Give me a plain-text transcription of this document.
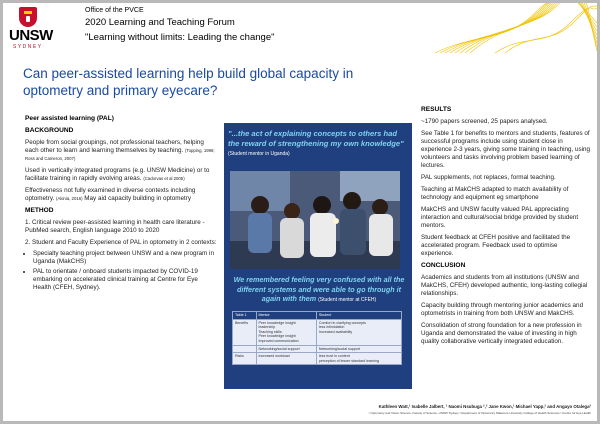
UNSW
SYDNEY
Office of the PVCE
2020 Learning and Teaching Forum
"Learning without limits: Leading the change"
Can peer-assisted learning help build global capacity in optometry and primary eyecare?
Peer assisted learning (PAL)
BACKGROUND
People from social groupings, not professional teachers, helping each other to learn and learning themselves by teaching. (Topping, 1996; Ross and Cameron, 2007)
Used in vertically integrated programs (e.g. UNSW Medicine) or to facilitate training in rapidly evolving areas. (Cadorvas et al 2005)
Effectiveness not fully examined in diverse contexts including optometry. (Akinia, 2016) May aid capacity building in optometry
METHOD
1. Critical review peer-assisted learning in health care literature - PubMed search, English language 2010 to 2020
2. Student and Faculty Experience of PAL in optometry in 2 contexts:
• Specialty teaching project between UNSW and a new program in Uganda (MakCHS)
• PAL to orientate / onboard students impacted by COVID-19 embarking on accelerated clinical training at Centre for Eye Health (CFEH, Sydney).
"...the act of explaining concepts to others had the reward of strengthening my own knowledge" (Student mentor in Uganda)
We remembered feeling very confused with all the different systems and were able to go through it again with them (Student mentor at CFEH)
Table 1	Mentor	Student
Benefits	Peer knowledge insight
leadership
Teaching skills
Peer knowledge insight
Improved communication	Comfort in clarifying concepts
less intimidation
Increased availability
	Networking/social support	Networking/social support
Risks	Increased workload	less trust in content
perception of lesser standard learning
RESULTS
~1790 papers screened, 25 papers analysed.
See Table 1 for benefits to mentors and students, features of successful programs include using student close in experience 2-3 years, giving some training in teaching, using volunteers and tasks involving problem based learning of lectures.
PAL supplements, not replaces, formal teaching.
Teaching at MakCHS adapted to match availability of technology and equipment eg smartphone
MakCHS and UNSW faculty valued PAL appreciating interaction and cultural/social bridge provided by student mentors.
Student feedback at CFEH positive and facilitated the accelerated program. Feedback used to optimise experience.
CONCLUSION
Academics and students from all institutions (UNSW and MakCHS, CFEH) developed authentic, long-lasting collegial relationships.
Capacity building through mentoring junior academics and optometrists in training from both UNSW and MakCHS.
Consolidation of strong foundation for a new profession in Uganda and demonstrated the value of investing in high quality collaborative vertically integrated education.
Kathleen Watt,¹ Isabelle Jalbert, ¹ Naomi Nsubuga ²,³ Jane Kwon,¹ Michael Yapp,² and Angayo Otalega³
¹ Optometry and Vision Science, Faculty of Science, UNSW Sydney ² Department of Optometry Makerere University College of Health Sciences ³ Centre for Eye Health
